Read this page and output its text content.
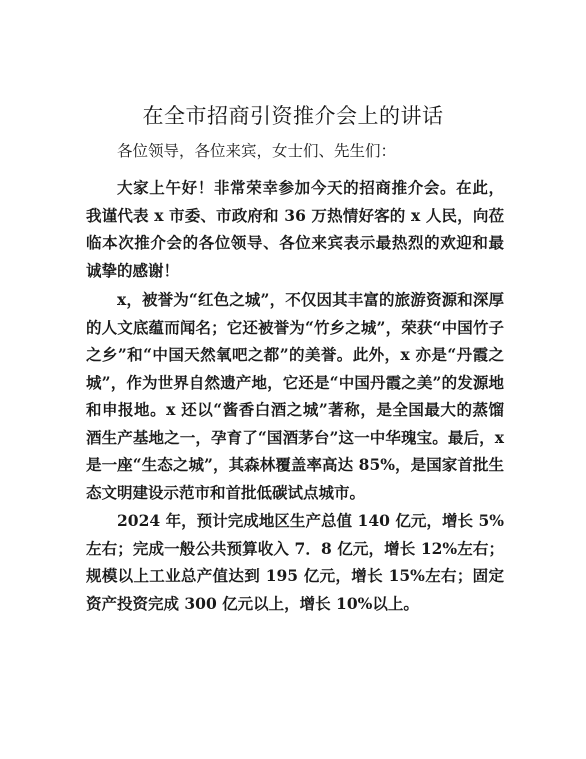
在全市招商引资推介会上的讲话

各位领导，各位来宾，女士们、先生们：

大家上午好！非常荣幸参加今天的招商推介会。在此，我谨代表 x 市委、市政府和 36 万热情好客的 x 人民，向莅临本次推介会的各位领导、各位来宾表示最热烈的欢迎和最诚挚的感谢！

x，被誉为“红色之城”，不仅因其丰富的旅游资源和深厚的人文底蕴而闻名；它还被誉为“竹乡之城”，荣获“中国竹子之乡”和“中国天然氧吧之都”的美誉。此外，x 亦是“丹霞之城”，作为世界自然遗产地，它还是“中国丹霞之美”的发源地和申报地。x 还以“酱香白酒之城”著称，是全国最大的蒸馏酒生产基地之一，孕育了“国酒茅台”这一中华瑰宝。最后，x 是一座“生态之城”，其森林覆盖率高达 85%，是国家首批生态文明建设示范市和首批低碳试点城市。

2024 年，预计完成地区生产总值 140 亿元，增长 5%左右；完成一般公共预算收入 7．8 亿元，增长 12%左右；规模以上工业总产值达到 195 亿元，增长 15%左右；固定资产投资完成 300 亿元以上，增长 10%以上。
